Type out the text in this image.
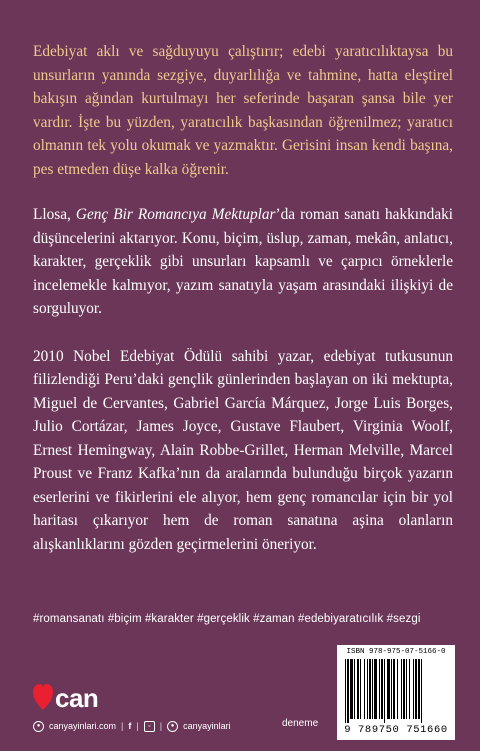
Edebiyat aklı ve sağduyuyu çalıştırır; edebi yaratıcılıktaysa bu unsurların yanında sezgiye, duyarlılığa ve tahmine, hatta eleştirel bakışın ağından kurtulmayı her seferinde başaran şansa bile yer vardır. İşte bu yüzden, yaratıcılık başkasından öğrenilmez; yaratıcı olmanın tek yolu okumak ve yazmaktır. Gerisini insan kendi başına, pes etmeden düşe kalka öğrenir.

Llosa, Genç Bir Romancıya Mektuplar’da roman sanatı hakkındaki düşüncelerini aktarıyor. Konu, biçim, üslup, zaman, mekân, anlatıcı, karakter, gerçeklik gibi unsurları kapsamlı ve çarpıcı örneklerle incelemekle kalmıyor, yazım sanatıyla yaşam arasındaki ilişkiyi de sorguluyor.

2010 Nobel Edebiyat Ödülü sahibi yazar, edebiyat tutkusunun filizlendiği Peru’daki gençlik günlerinden başlayan on iki mektupta, Miguel de Cervantes, Gabriel García Márquez, Jorge Luis Borges, Julio Cortázar, James Joyce, Gustave Flaubert, Virginia Woolf, Ernest Hemingway, Alain Robbe-Grillet, Herman Melville, Marcel Proust ve Franz Kafka’nın da aralarında bulunduğu birçok yazarın eserlerini ve fikirlerini ele alıyor, hem genç romancılar için bir yol haritası çıkarıyor hem de roman sanatına aşina olanların alışkanlıklarını gözden geçirmelerini öneriyor.

#romansanatı #biçim #karakter #gerçeklik #zaman #edebiyaratıcılık #sezgi
can
● canyayinlari.com | f |	◦	|	● canyayinlari	deneme
ISBN 978-975-07-5166-0
9 789750 751660
